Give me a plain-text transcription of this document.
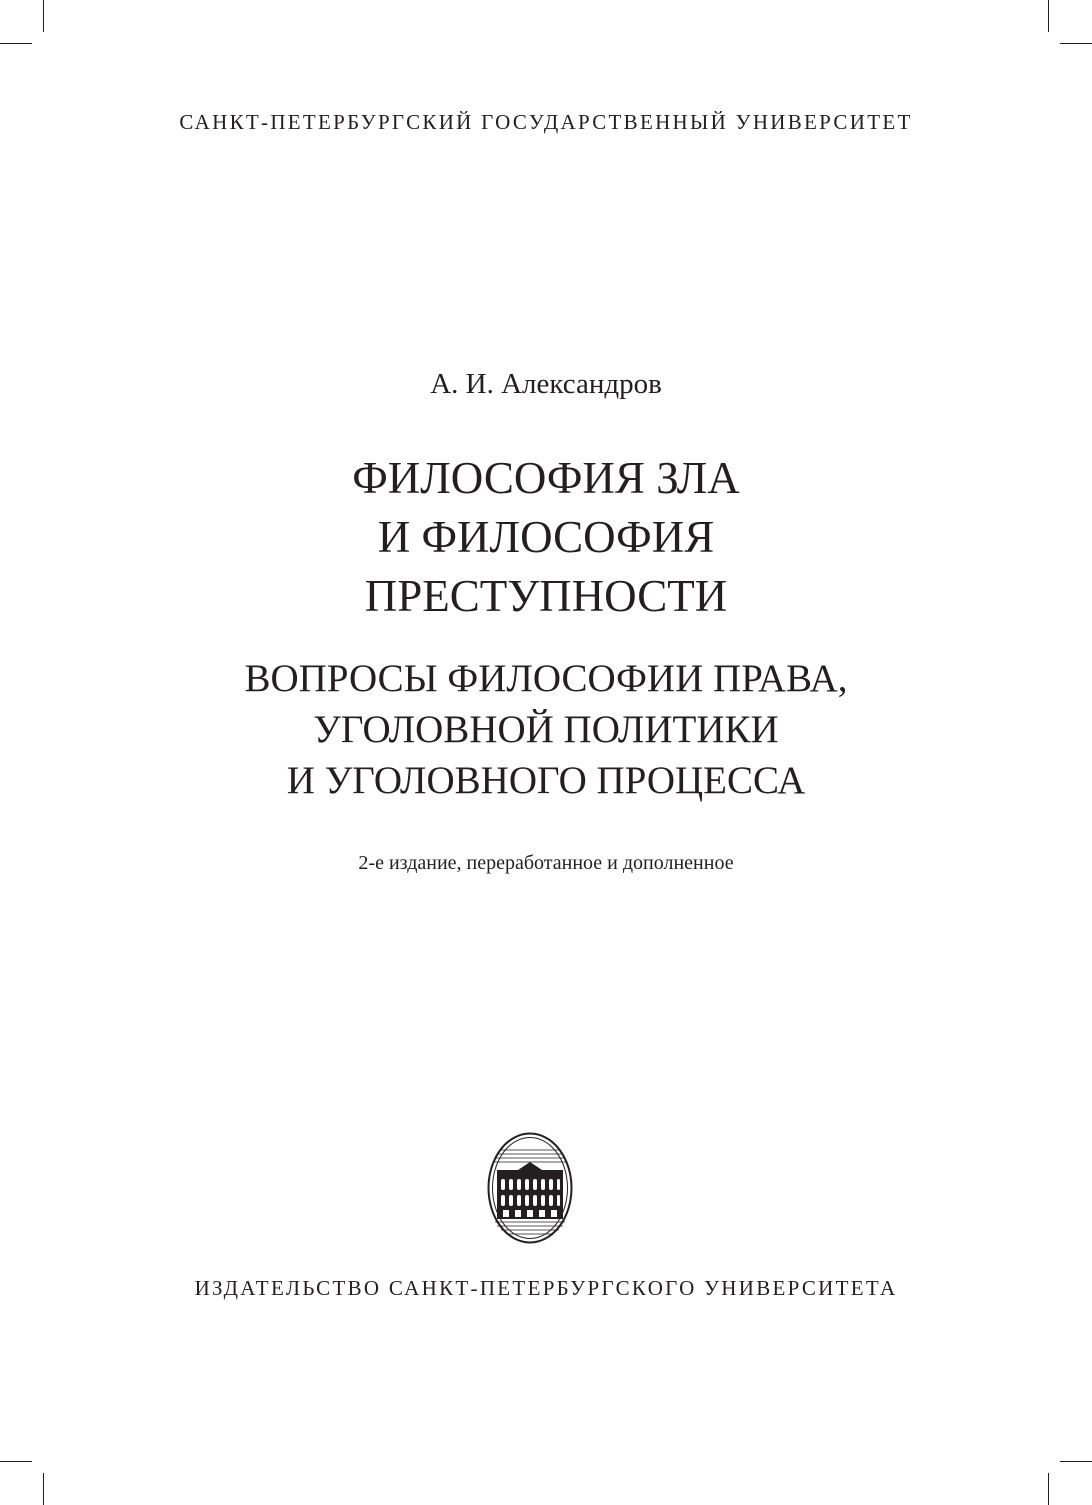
САНКТ-ПЕТЕРБУРГСКИЙ ГОСУДАРСТВЕННЫЙ УНИВЕРСИТЕТ

А. И. Александров

ФИЛОСОФИЯ ЗЛА
И ФИЛОСОФИЯ
ПРЕСТУПНОСТИ
ВОПРОСЫ ФИЛОСОФИИ ПРАВА,
УГОЛОВНОЙ ПОЛИТИКИ
И УГОЛОВНОГО ПРОЦЕССА

2-е издание, переработанное и дополненное

ИЗДАТЕЛЬСТВО САНКТ-ПЕТЕРБУРГСКОГО УНИВЕРСИТЕТА
